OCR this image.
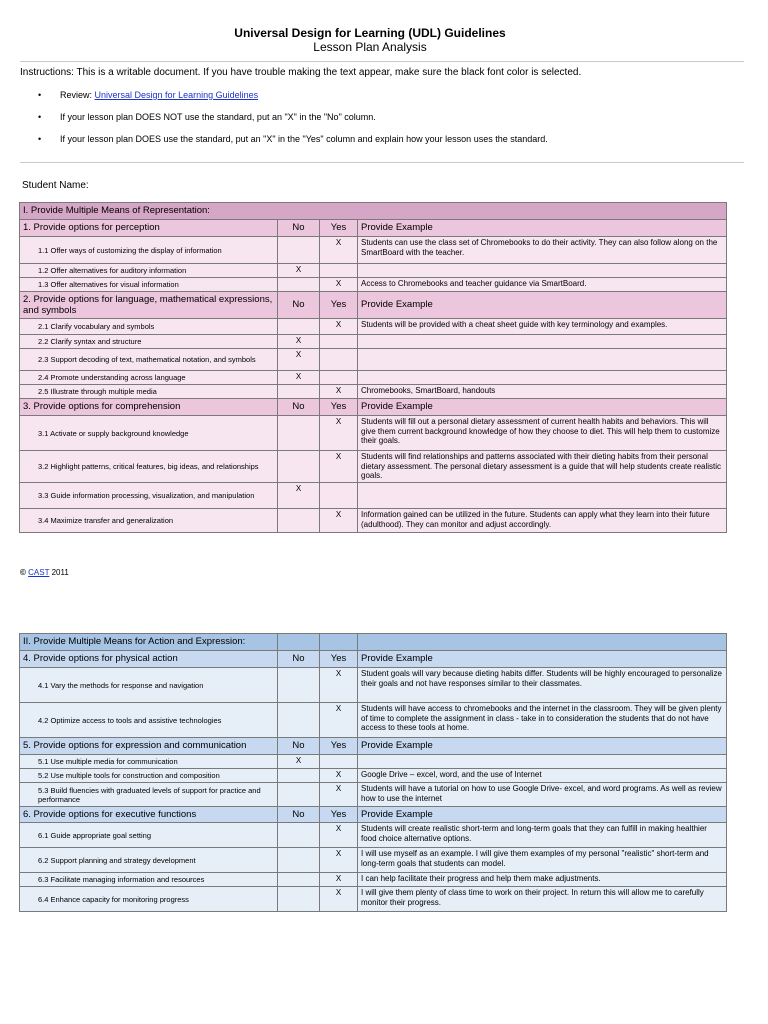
Universal Design for Learning (UDL) Guidelines
Lesson Plan Analysis
Instructions: This is a writable document. If you have trouble making the text appear, make sure the black font color is selected.
•	Review:
Universal Design for Learning Guidelines
•	If your lesson plan DOES NOT use the standard, put an "X" in the "No" column.
•	If your lesson plan DOES use the standard, put an "X" in the "Yes" column and explain how your lesson uses the standard.
Student Name:
I. Provide Multiple Means of Representation:			
1. Provide options for perception	No	Yes	Provide Example
1.1 Offer ways of customizing the display of information		X	Students can use the class set of Chromebooks to do their activity. They can also follow along on the SmartBoard with the teacher.
1.2 Offer alternatives for auditory information	X		
1.3 Offer alternatives for visual information		X	Access to Chromebooks and teacher guidance via SmartBoard.
2. Provide options for language, mathematical expressions, and symbols	No	Yes	Provide Example
2.1 Clarify vocabulary and symbols		X	Students will be provided with a cheat sheet guide with key terminology and examples.
2.2 Clarify syntax and structure	X		
2.3 Support decoding of text, mathematical notation, and symbols	X		
2.4 Promote understanding across language	X		
2.5 Illustrate through multiple media		X	Chromebooks, SmartBoard, handouts
3. Provide options for comprehension	No	Yes	Provide Example
3.1 Activate or supply background knowledge		X	Students will fill out a personal dietary assessment of current health habits and behaviors. This will give them current background knowledge of how they choose to diet. This will help them to customize their goals.
3.2 Highlight patterns, critical features, big ideas, and relationships		X	Students will find relationships and patterns associated with their dieting habits from their personal dietary assessment. The personal dietary assessment is a guide that will help students create realistic goals.
3.3 Guide information processing, visualization, and manipulation	X		
3.4 Maximize transfer and generalization		X	Information gained can be utilized in the future. Students can apply what they learn into their future (adulthood). They can monitor and adjust accordingly.
© CAST 2011
II. Provide Multiple Means for Action and Expression:			
4. Provide options for physical action	No	Yes	Provide Example
4.1 Vary the methods for response and navigation		X	Student goals will vary because dieting habits differ. Students will be highly encouraged to personalize their goals and not have responses similar to their classmates.
4.2 Optimize access to tools and assistive technologies		X	Students will have access to chromebooks and the internet in the classroom. They will be given plenty of time to complete the assignment in class - take in to consideration the students that do not have access to these tools at home.
5. Provide options for expression and communication	No	Yes	Provide Example
5.1 Use multiple media for communication	X		
5.2 Use multiple tools for construction and composition		X	Google Drive – excel, word, and the use of Internet
5.3 Build fluencies with graduated levels of support for practice and performance		X	Students will have a tutorial on how to use Google Drive- excel, and word programs. As well as review how to use the internet
6. Provide options for executive functions	No	Yes	Provide Example
6.1 Guide appropriate goal setting		X	Students will create realistic short-term and long-term goals that they can fulfill in making healthier food choice alternative options.
6.2 Support planning and strategy development		X	I will use myself as an example. I will give them examples of my personal "realistic" short-term and long-term goals that students can model.
6.3 Facilitate managing information and resources		X	I can help facilitate their progress and help them make adjustments.
6.4 Enhance capacity for monitoring progress		X	I will give them plenty of class time to work on their project. In return this will allow me to carefully monitor their progress.
